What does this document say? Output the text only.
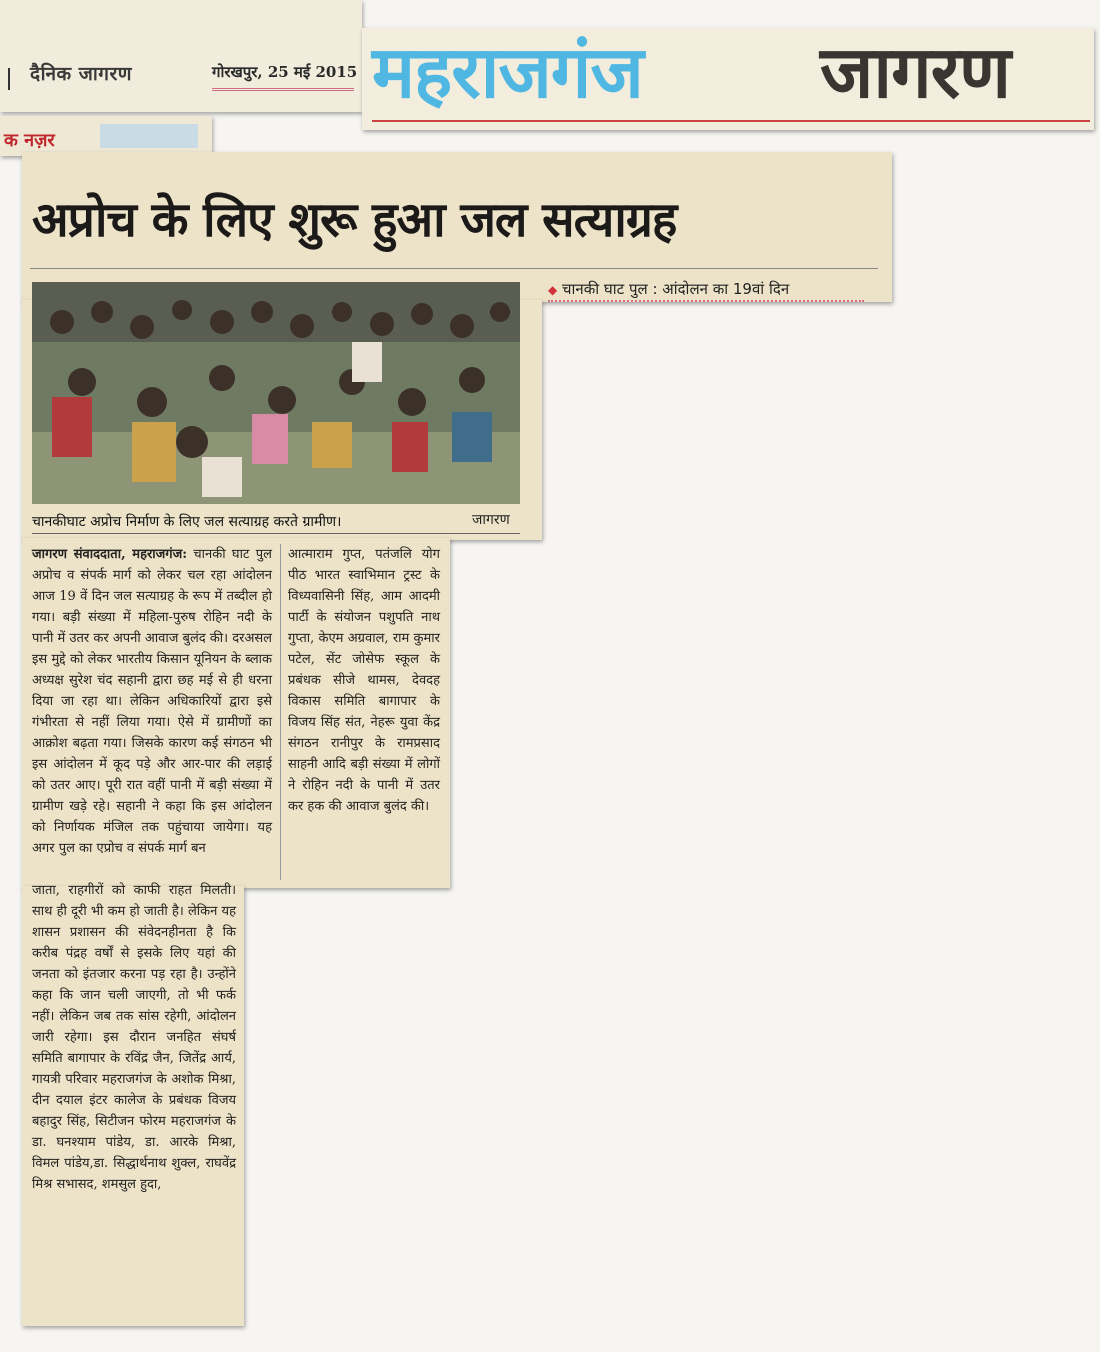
दैनिक जागरण	गोरखपुर, 25 मई 2015 महराजगंज जागरण
क नज़र
अप्रोच के लिए शुरू हुआ जल सत्याग्रह
◆ चानकी घाट पुल : आंदोलन का 19वां दिन
चानकीघाट अप्रोच निर्माण के लिए जल सत्याग्रह करते ग्रामीण।	जागरण

जागरण संवाददाता, महराजगंज: चानकी घाट पुल अप्रोच व संपर्क मार्ग को लेकर चल रहा आंदोलन आज 19 वें दिन जल सत्याग्रह के रूप में तब्दील हो गया। बड़ी संख्या में महिला-पुरुष रोहिन नदी के पानी में उतर कर अपनी आवाज बुलंद की। दरअसल इस मुद्दे को लेकर भारतीय किसान यूनियन के ब्लाक अध्यक्ष सुरेश चंद सहानी द्वारा छह मई से ही धरना दिया जा रहा था। लेकिन अधिकारियों द्वारा इसे गंभीरता से नहीं लिया गया। ऐसे में ग्रामीणों का आक्रोश बढ़ता गया। जिसके कारण कई संगठन भी इस आंदोलन में कूद पड़े और आर-पार की लड़ाई को उतर आए। पूरी रात वहीं पानी में बड़ी संख्या में ग्रामीण खड़े रहे। सहानी ने कहा कि इस आंदोलन को निर्णायक मंजिल तक पहुंचाया जायेगा। यह अगर पुल का एप्रोच व संपर्क मार्ग बन

जाता, राहगीरों को काफी राहत मिलती। साथ ही दूरी भी कम हो जाती है। लेकिन यह शासन प्रशासन की संवेदनहीनता है कि करीब पंद्रह वर्षों से इसके लिए यहां की जनता को इंतजार करना पड़ रहा है। उन्होंने कहा कि जान चली जाएगी, तो भी फर्क नहीं। लेकिन जब तक सांस रहेगी, आंदोलन जारी रहेगा। इस दौरान जनहित संघर्ष समिति बागापार के रविंद्र जैन, जितेंद्र आर्य, गायत्री परिवार महराजगंज के अशोक मिश्रा, दीन दयाल इंटर कालेज के प्रबंधक विजय बहादुर सिंह, सिटीजन फोरम महराजगंज के डा. घनश्याम पांडेय, डा. आरके मिश्रा, विमल पांडेय,डा. सिद्धार्थनाथ शुक्ल, राघवेंद्र मिश्र सभासद, शमसुल हुदा,

आत्माराम गुप्त, पतंजलि योग पीठ भारत स्वाभिमान ट्रस्ट के विध्यवासिनी सिंह, आम आदमी पार्टी के संयोजन पशुपति नाथ गुप्ता, केएम अग्रवाल, राम कुमार पटेल, सेंट जोसेफ स्कूल के प्रबंधक सीजे थामस, देवदह विकास समिति बागापार के विजय सिंह संत, नेहरू युवा केंद्र संगठन रानीपुर के रामप्रसाद साहनी आदि बड़ी संख्या में लोगों ने रोहिन नदी के पानी में उतर कर हक की आवाज बुलंद की।
